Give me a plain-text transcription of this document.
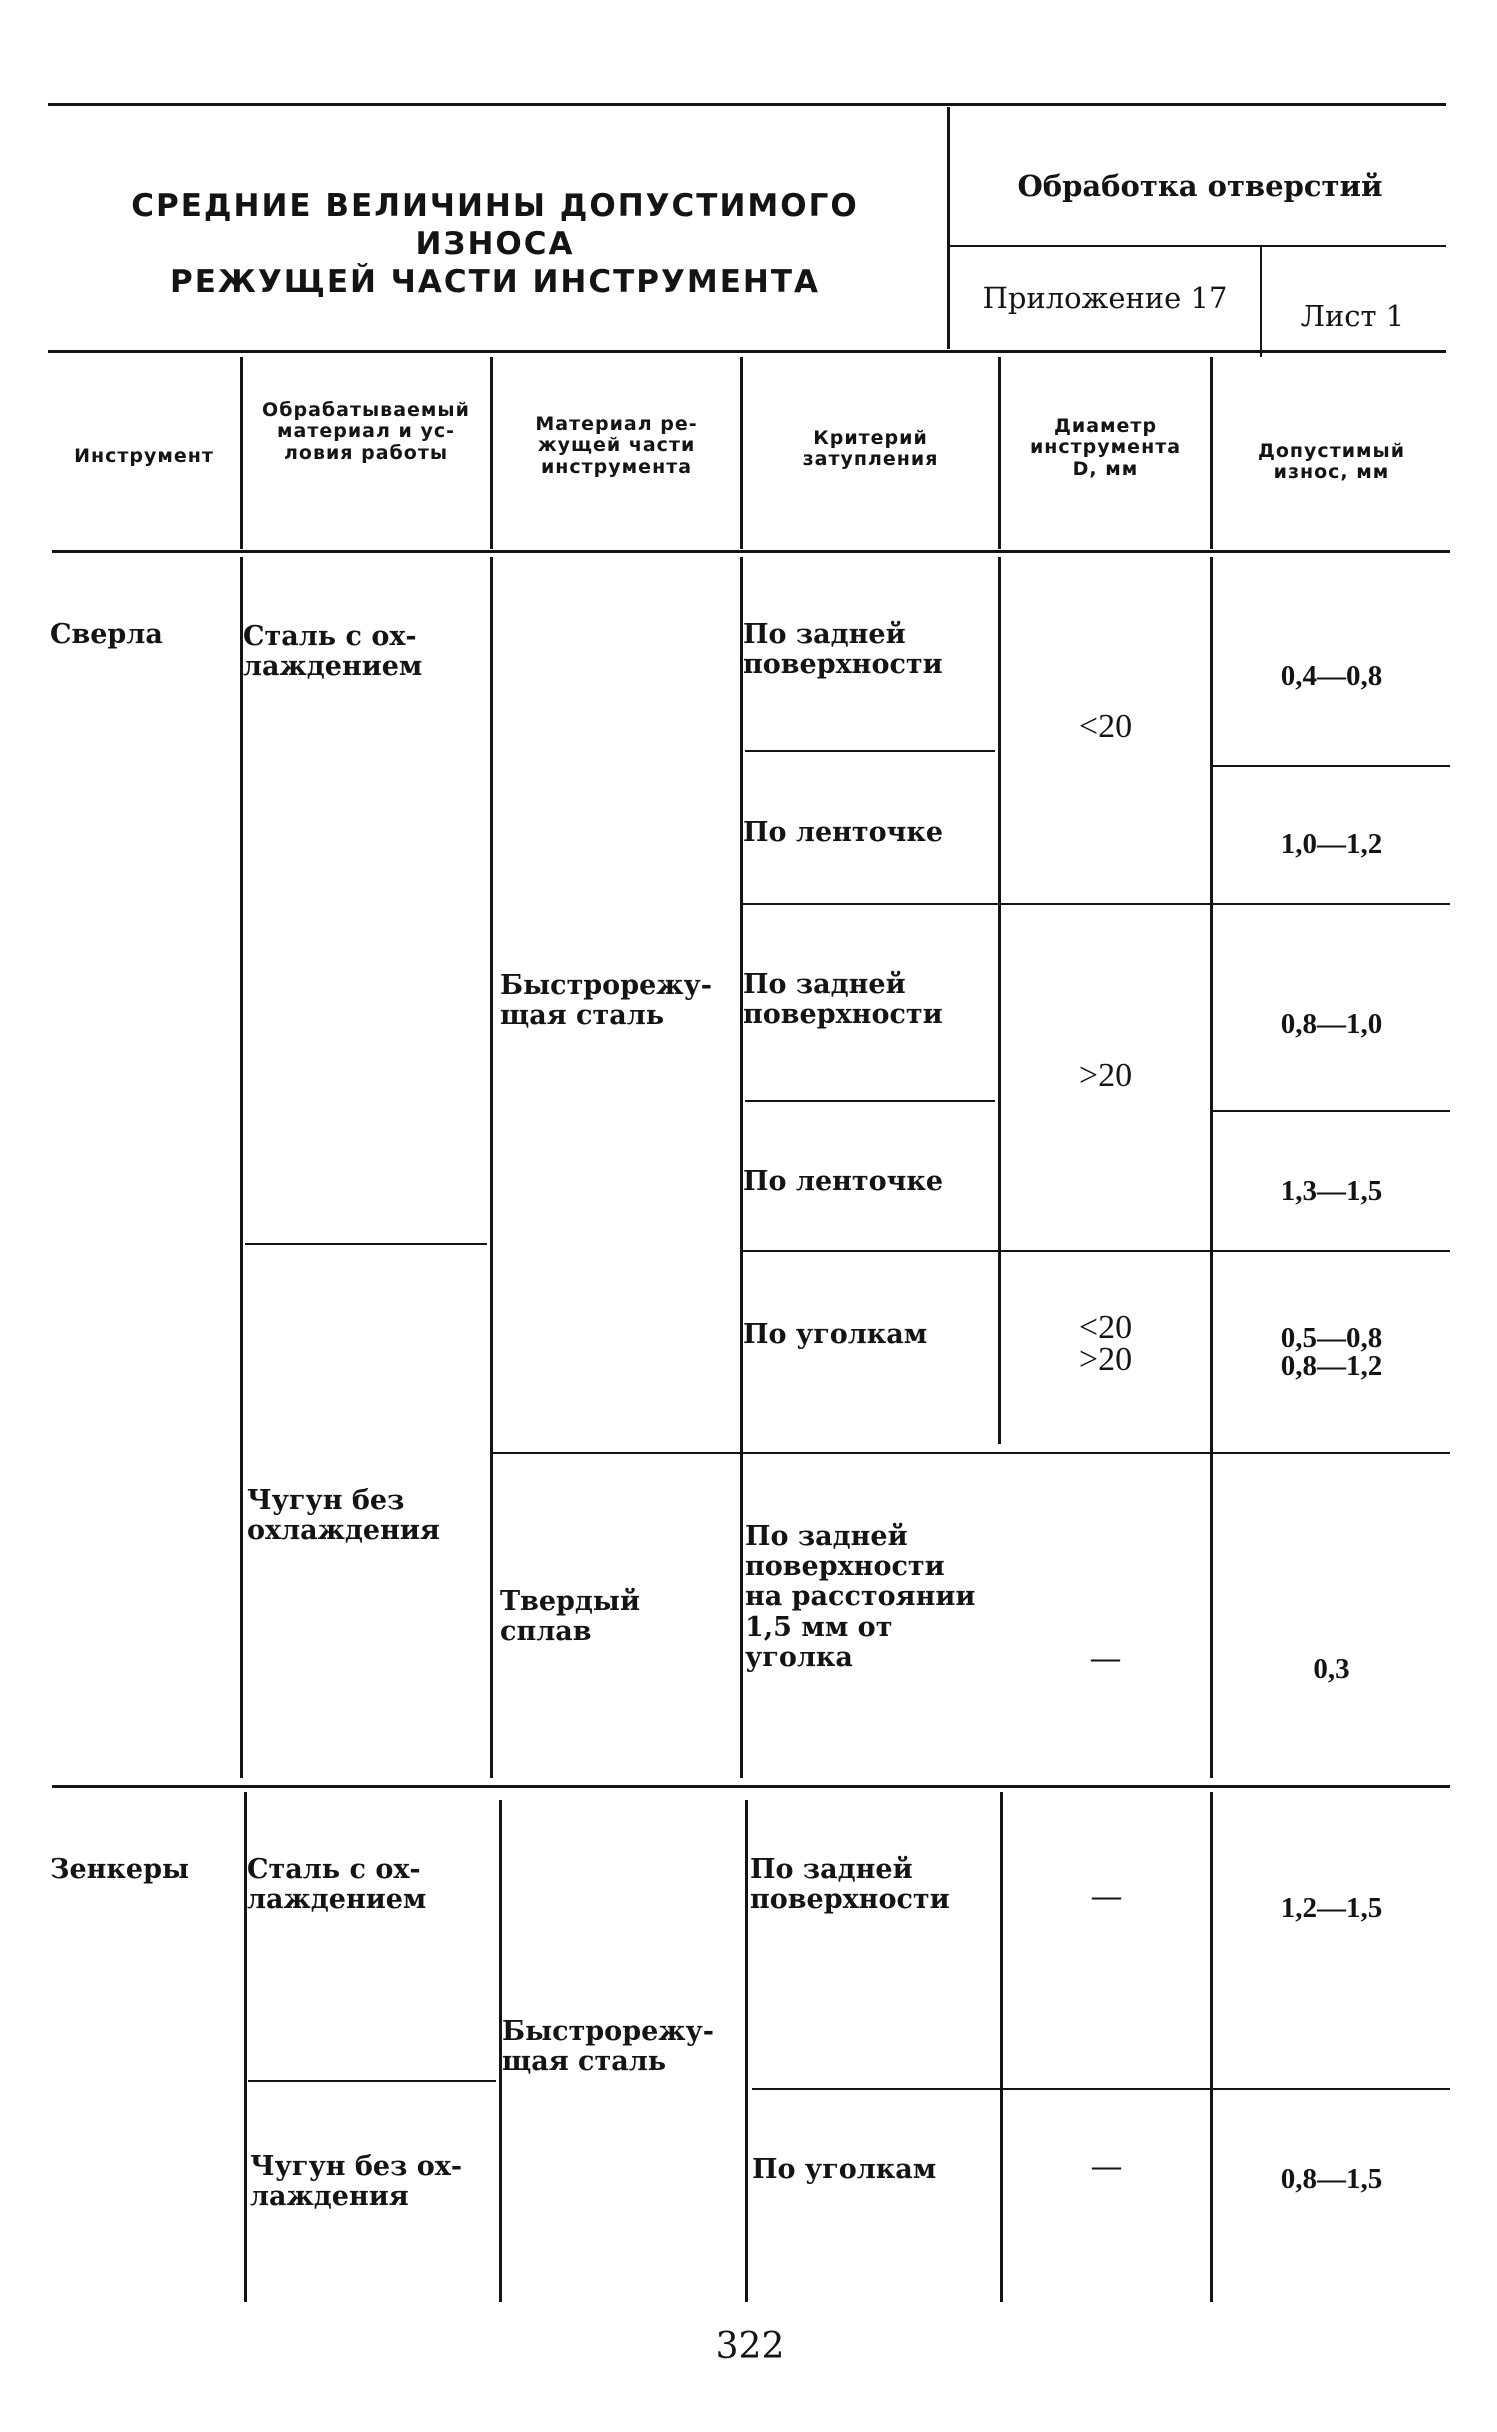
СРЕДНИЕ ВЕЛИЧИНЫ ДОПУСТИМОГО ИЗНОСА
РЕЖУЩЕЙ ЧАСТИ ИНСТРУМЕНТА
Обработка отверстий
Приложение 17
Лист 1
Инструмент
Обрабатываемый
материал и ус-
ловия работы
Материал ре-
жущей части
инструмента
Критерий
затупления
Диаметр
инструмента
D, мм
Допустимый
износ, мм
Сверла	Сталь с ох-
лаждением
Чугун без
охлаждения
Быстрорежу-
щая сталь
Твердый
сплав
По задней
поверхности
По ленточке
По задней
поверхности
По ленточке
По уголкам
По задней
поверхности
на расстоянии
1,5 мм от
уголка
<20
>20
<20
>20
—
0,4—0,8
1,0—1,2
0,8—1,0
1,3—1,5
0,5—0,8
0,8—1,2
0,3
Зенкеры Сталь с ох-
лаждением
Чугун без ох-
лаждения
Быстрорежу-
щая сталь
По задней
поверхности
По уголкам
—
—
1,2—1,5
0,8—1,5
322
